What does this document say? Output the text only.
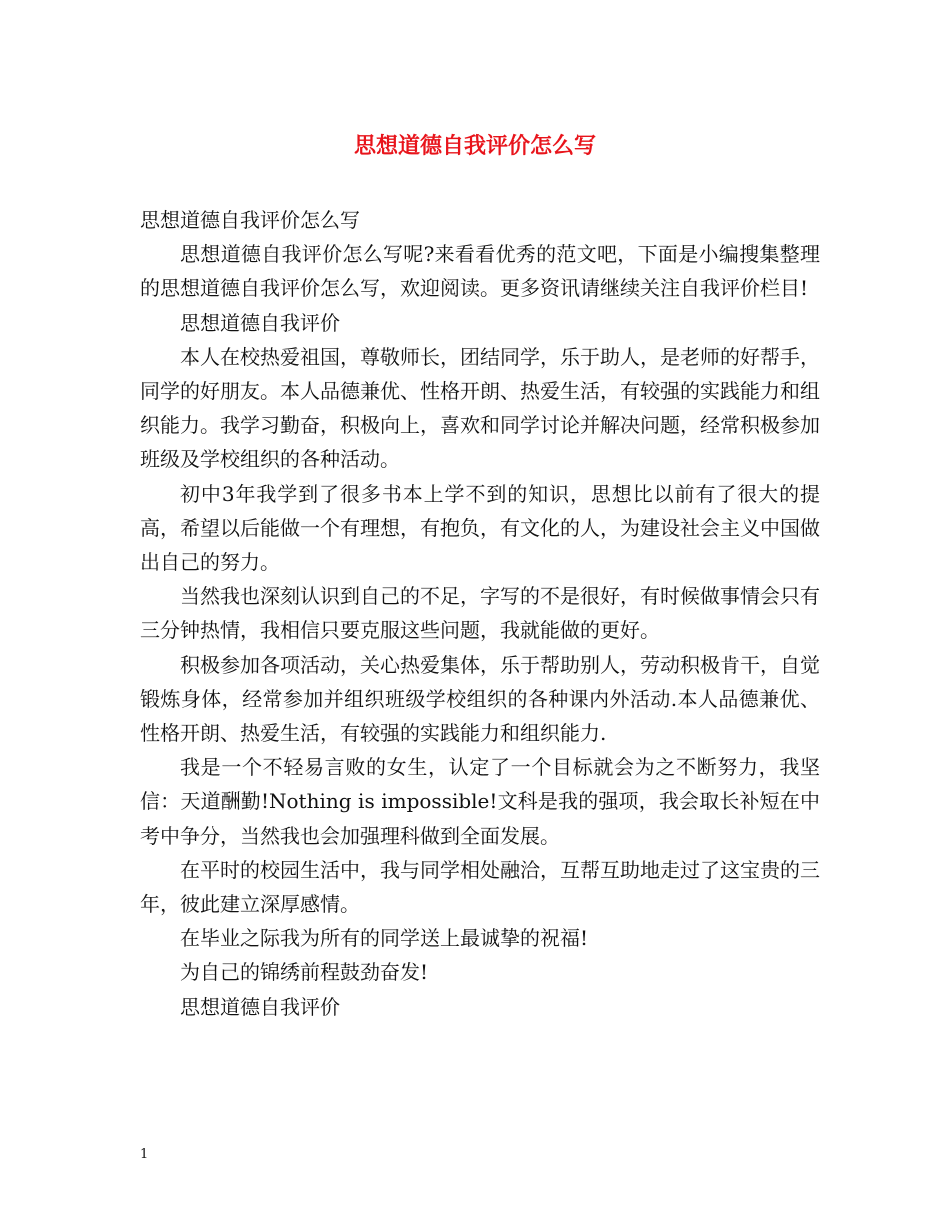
思想道德自我评价怎么写

思想道德自我评价怎么写

思想道德自我评价怎么写呢?来看看优秀的范文吧，下面是小编搜集整理的思想道德自我评价怎么写，欢迎阅读。更多资讯请继续关注自我评价栏目!

思想道德自我评价

本人在校热爱祖国，尊敬师长，团结同学，乐于助人，是老师的好帮手，同学的好朋友。本人品德兼优、性格开朗、热爱生活，有较强的实践能力和组织能力。我学习勤奋，积极向上，喜欢和同学讨论并解决问题，经常积极参加班级及学校组织的各种活动。

初中3年我学到了很多书本上学不到的知识，思想比以前有了很大的提高，希望以后能做一个有理想，有抱负，有文化的人，为建设社会主义中国做出自己的努力。

当然我也深刻认识到自己的不足，字写的不是很好，有时候做事情会只有三分钟热情，我相信只要克服这些问题，我就能做的更好。

积极参加各项活动，关心热爱集体，乐于帮助别人，劳动积极肯干，自觉锻炼身体，经常参加并组织班级学校组织的各种课内外活动.本人品德兼优、性格开朗、热爱生活，有较强的实践能力和组织能力.

我是一个不轻易言败的女生，认定了一个目标就会为之不断努力，我坚信：天道酬勤!Nothing is impossible!文科是我的强项，我会取长补短在中考中争分，当然我也会加强理科做到全面发展。

在平时的校园生活中，我与同学相处融洽，互帮互助地走过了这宝贵的三年，彼此建立深厚感情。

在毕业之际我为所有的同学送上最诚挚的祝福!

为自己的锦绣前程鼓劲奋发!

思想道德自我评价

1
